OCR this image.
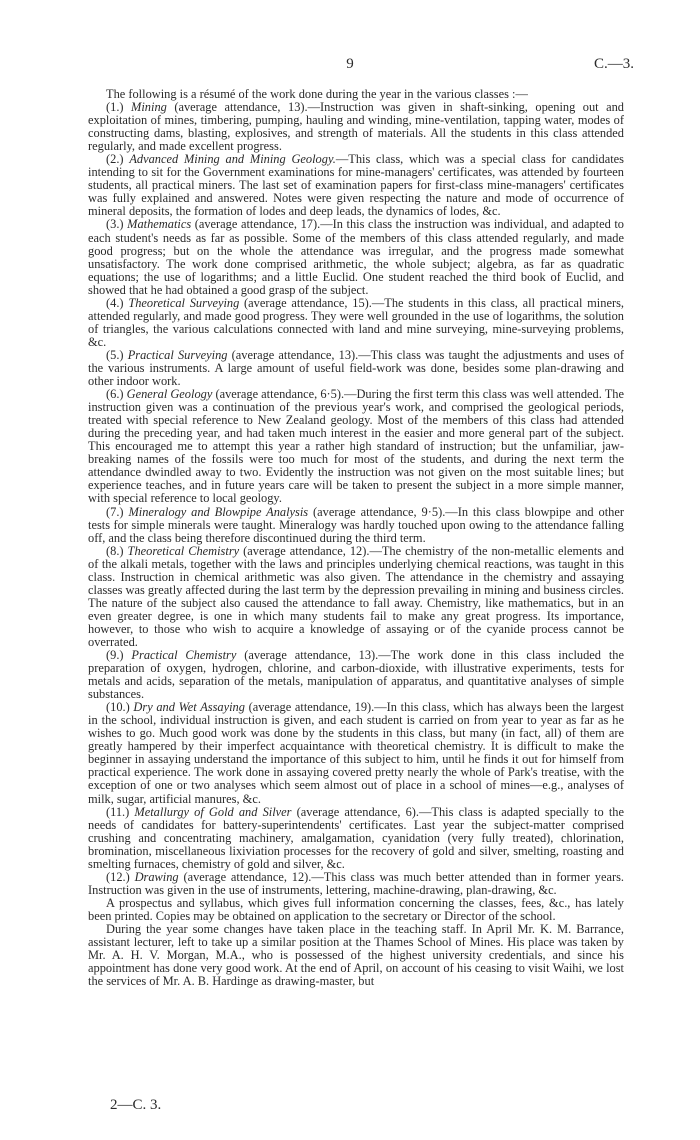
9	C.—3.

The following is a résumé of the work done during the year in the various classes :—

(1.) Mining (average attendance, 13).—Instruction was given in shaft-sinking, opening out and exploitation of mines, timbering, pumping, hauling and winding, mine-ventilation, tapping water, modes of constructing dams, blasting, explosives, and strength of materials. All the students in this class attended regularly, and made excellent progress.

(2.) Advanced Mining and Mining Geology.—This class, which was a special class for candidates intending to sit for the Government examinations for mine-managers' certificates, was attended by fourteen students, all practical miners. The last set of examination papers for first-class mine-managers' certificates was fully explained and answered. Notes were given respecting the nature and mode of occurrence of mineral deposits, the formation of lodes and deep leads, the dynamics of lodes, &c.

(3.) Mathematics (average attendance, 17).—In this class the instruction was individual, and adapted to each student's needs as far as possible. Some of the members of this class attended regularly, and made good progress; but on the whole the attendance was irregular, and the progress made somewhat unsatisfactory. The work done comprised arithmetic, the whole subject; algebra, as far as quadratic equations; the use of logarithms; and a little Euclid. One student reached the third book of Euclid, and showed that he had obtained a good grasp of the subject.

(4.) Theoretical Surveying (average attendance, 15).—The students in this class, all practical miners, attended regularly, and made good progress. They were well grounded in the use of logarithms, the solution of triangles, the various calculations connected with land and mine surveying, mine-surveying problems, &c.

(5.) Practical Surveying (average attendance, 13).—This class was taught the adjustments and uses of the various instruments. A large amount of useful field-work was done, besides some plan-drawing and other indoor work.

(6.) General Geology (average attendance, 6·5).—During the first term this class was well attended. The instruction given was a continuation of the previous year's work, and comprised the geological periods, treated with special reference to New Zealand geology. Most of the members of this class had attended during the preceding year, and had taken much interest in the easier and more general part of the subject. This encouraged me to attempt this year a rather high standard of instruction; but the unfamiliar, jaw-breaking names of the fossils were too much for most of the students, and during the next term the attendance dwindled away to two. Evidently the instruction was not given on the most suitable lines; but experience teaches, and in future years care will be taken to present the subject in a more simple manner, with special reference to local geology.

(7.) Mineralogy and Blowpipe Analysis (average attendance, 9·5).—In this class blowpipe and other tests for simple minerals were taught. Mineralogy was hardly touched upon owing to the attendance falling off, and the class being therefore discontinued during the third term.

(8.) Theoretical Chemistry (average attendance, 12).—The chemistry of the non-metallic elements and of the alkali metals, together with the laws and principles underlying chemical reactions, was taught in this class. Instruction in chemical arithmetic was also given. The attendance in the chemistry and assaying classes was greatly affected during the last term by the depression prevailing in mining and business circles. The nature of the subject also caused the attendance to fall away. Chemistry, like mathematics, but in an even greater degree, is one in which many students fail to make any great progress. Its importance, however, to those who wish to acquire a knowledge of assaying or of the cyanide process cannot be overrated.

(9.) Practical Chemistry (average attendance, 13).—The work done in this class included the preparation of oxygen, hydrogen, chlorine, and carbon-dioxide, with illustrative experiments, tests for metals and acids, separation of the metals, manipulation of apparatus, and quantitative analyses of simple substances.

(10.) Dry and Wet Assaying (average attendance, 19).—In this class, which has always been the largest in the school, individual instruction is given, and each student is carried on from year to year as far as he wishes to go. Much good work was done by the students in this class, but many (in fact, all) of them are greatly hampered by their imperfect acquaintance with theoretical chemistry. It is difficult to make the beginner in assaying understand the importance of this subject to him, until he finds it out for himself from practical experience. The work done in assaying covered pretty nearly the whole of Park's treatise, with the exception of one or two analyses which seem almost out of place in a school of mines—e.g., analyses of milk, sugar, artificial manures, &c.

(11.) Metallurgy of Gold and Silver (average attendance, 6).—This class is adapted specially to the needs of candidates for battery-superintendents' certificates. Last year the subject-matter comprised crushing and concentrating machinery, amalgamation, cyanidation (very fully treated), chlorination, bromination, miscellaneous lixiviation processes for the recovery of gold and silver, smelting, roasting and smelting furnaces, chemistry of gold and silver, &c.

(12.) Drawing (average attendance, 12).—This class was much better attended than in former years. Instruction was given in the use of instruments, lettering, machine-drawing, plan-drawing, &c.

A prospectus and syllabus, which gives full information concerning the classes, fees, &c., has lately been printed. Copies may be obtained on application to the secretary or Director of the school.

During the year some changes have taken place in the teaching staff. In April Mr. K. M. Barrance, assistant lecturer, left to take up a similar position at the Thames School of Mines. His place was taken by Mr. A. H. V. Morgan, M.A., who is possessed of the highest university credentials, and since his appointment has done very good work. At the end of April, on account of his ceasing to visit Waihi, we lost the services of Mr. A. B. Hardinge as drawing-master, but

2—C. 3.
